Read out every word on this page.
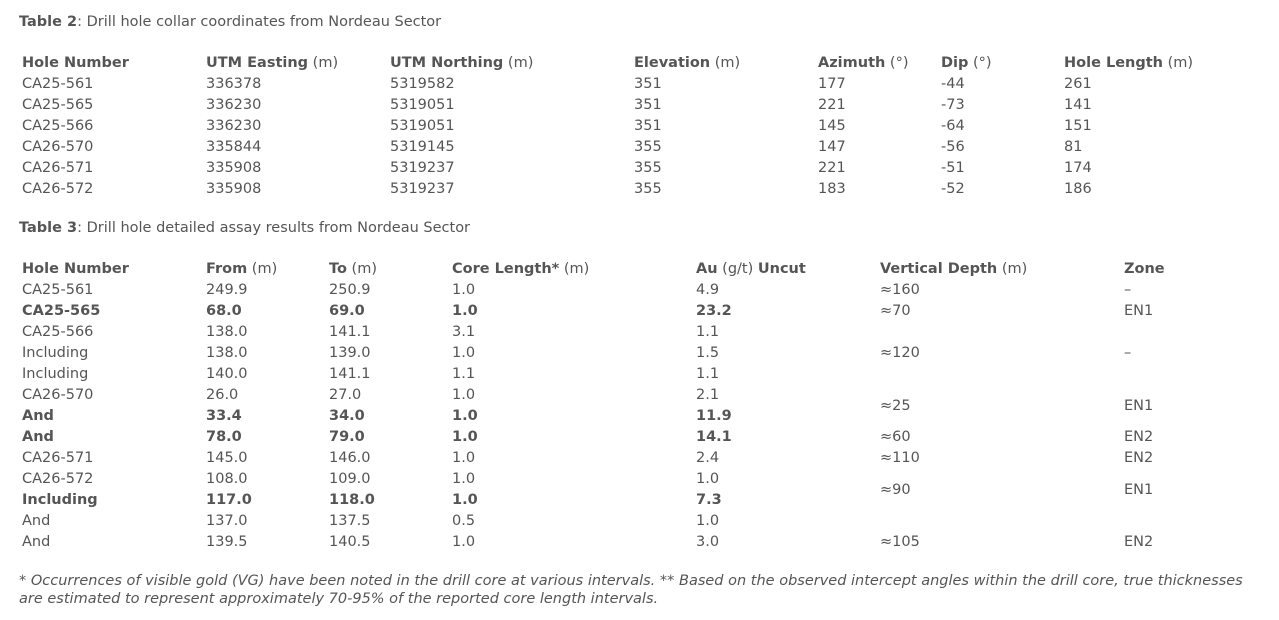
Table 2: Drill hole collar coordinates from Nordeau Sector
Hole Number	UTM Easting (m)	UTM Northing (m)	Elevation (m)	Azimuth (°)	Dip (°)	Hole Length (m)
CA25-561	336378	5319582	351	177	-44	261
CA25-565	336230	5319051	351	221	-73	141
CA25-566	336230	5319051	351	145	-64	151
CA26-570	335844	5319145	355	147	-56	81
CA26-571	335908	5319237	355	221	-51	174
CA26-572	335908	5319237	355	183	-52	186
Table 3: Drill hole detailed assay results from Nordeau Sector
Hole Number	From (m)	To (m)	Core Length* (m)	Au (g/t) Uncut	Vertical Depth (m)	Zone
CA25-561	249.9	250.9	1.0	4.9	≈160	–
CA25-565	68.0	69.0	1.0	23.2	≈70	EN1
CA25-566	138.0	141.1	3.1	1.1		
Including	138.0	139.0	1.0	1.5	≈120	–
Including	140.0	141.1	1.1	1.1		
CA26-570	26.0	27.0	1.0	2.1	≈25	EN1
And	33.4	34.0	1.0	11.9		
And	78.0	79.0	1.0	14.1	≈60	EN2
CA26-571	145.0	146.0	1.0	2.4	≈110	EN2
CA26-572	108.0	109.0	1.0	1.0	≈90	EN1
Including	117.0	118.0	1.0	7.3		
And	137.0	137.5	0.5	1.0		
And	139.5	140.5	1.0	3.0	≈105	EN2
* Occurrences of visible gold (VG) have been noted in the drill core at various intervals. ** Based on the observed intercept angles within the drill core, true thicknesses are estimated to represent approximately 70-95% of the reported core length intervals.
